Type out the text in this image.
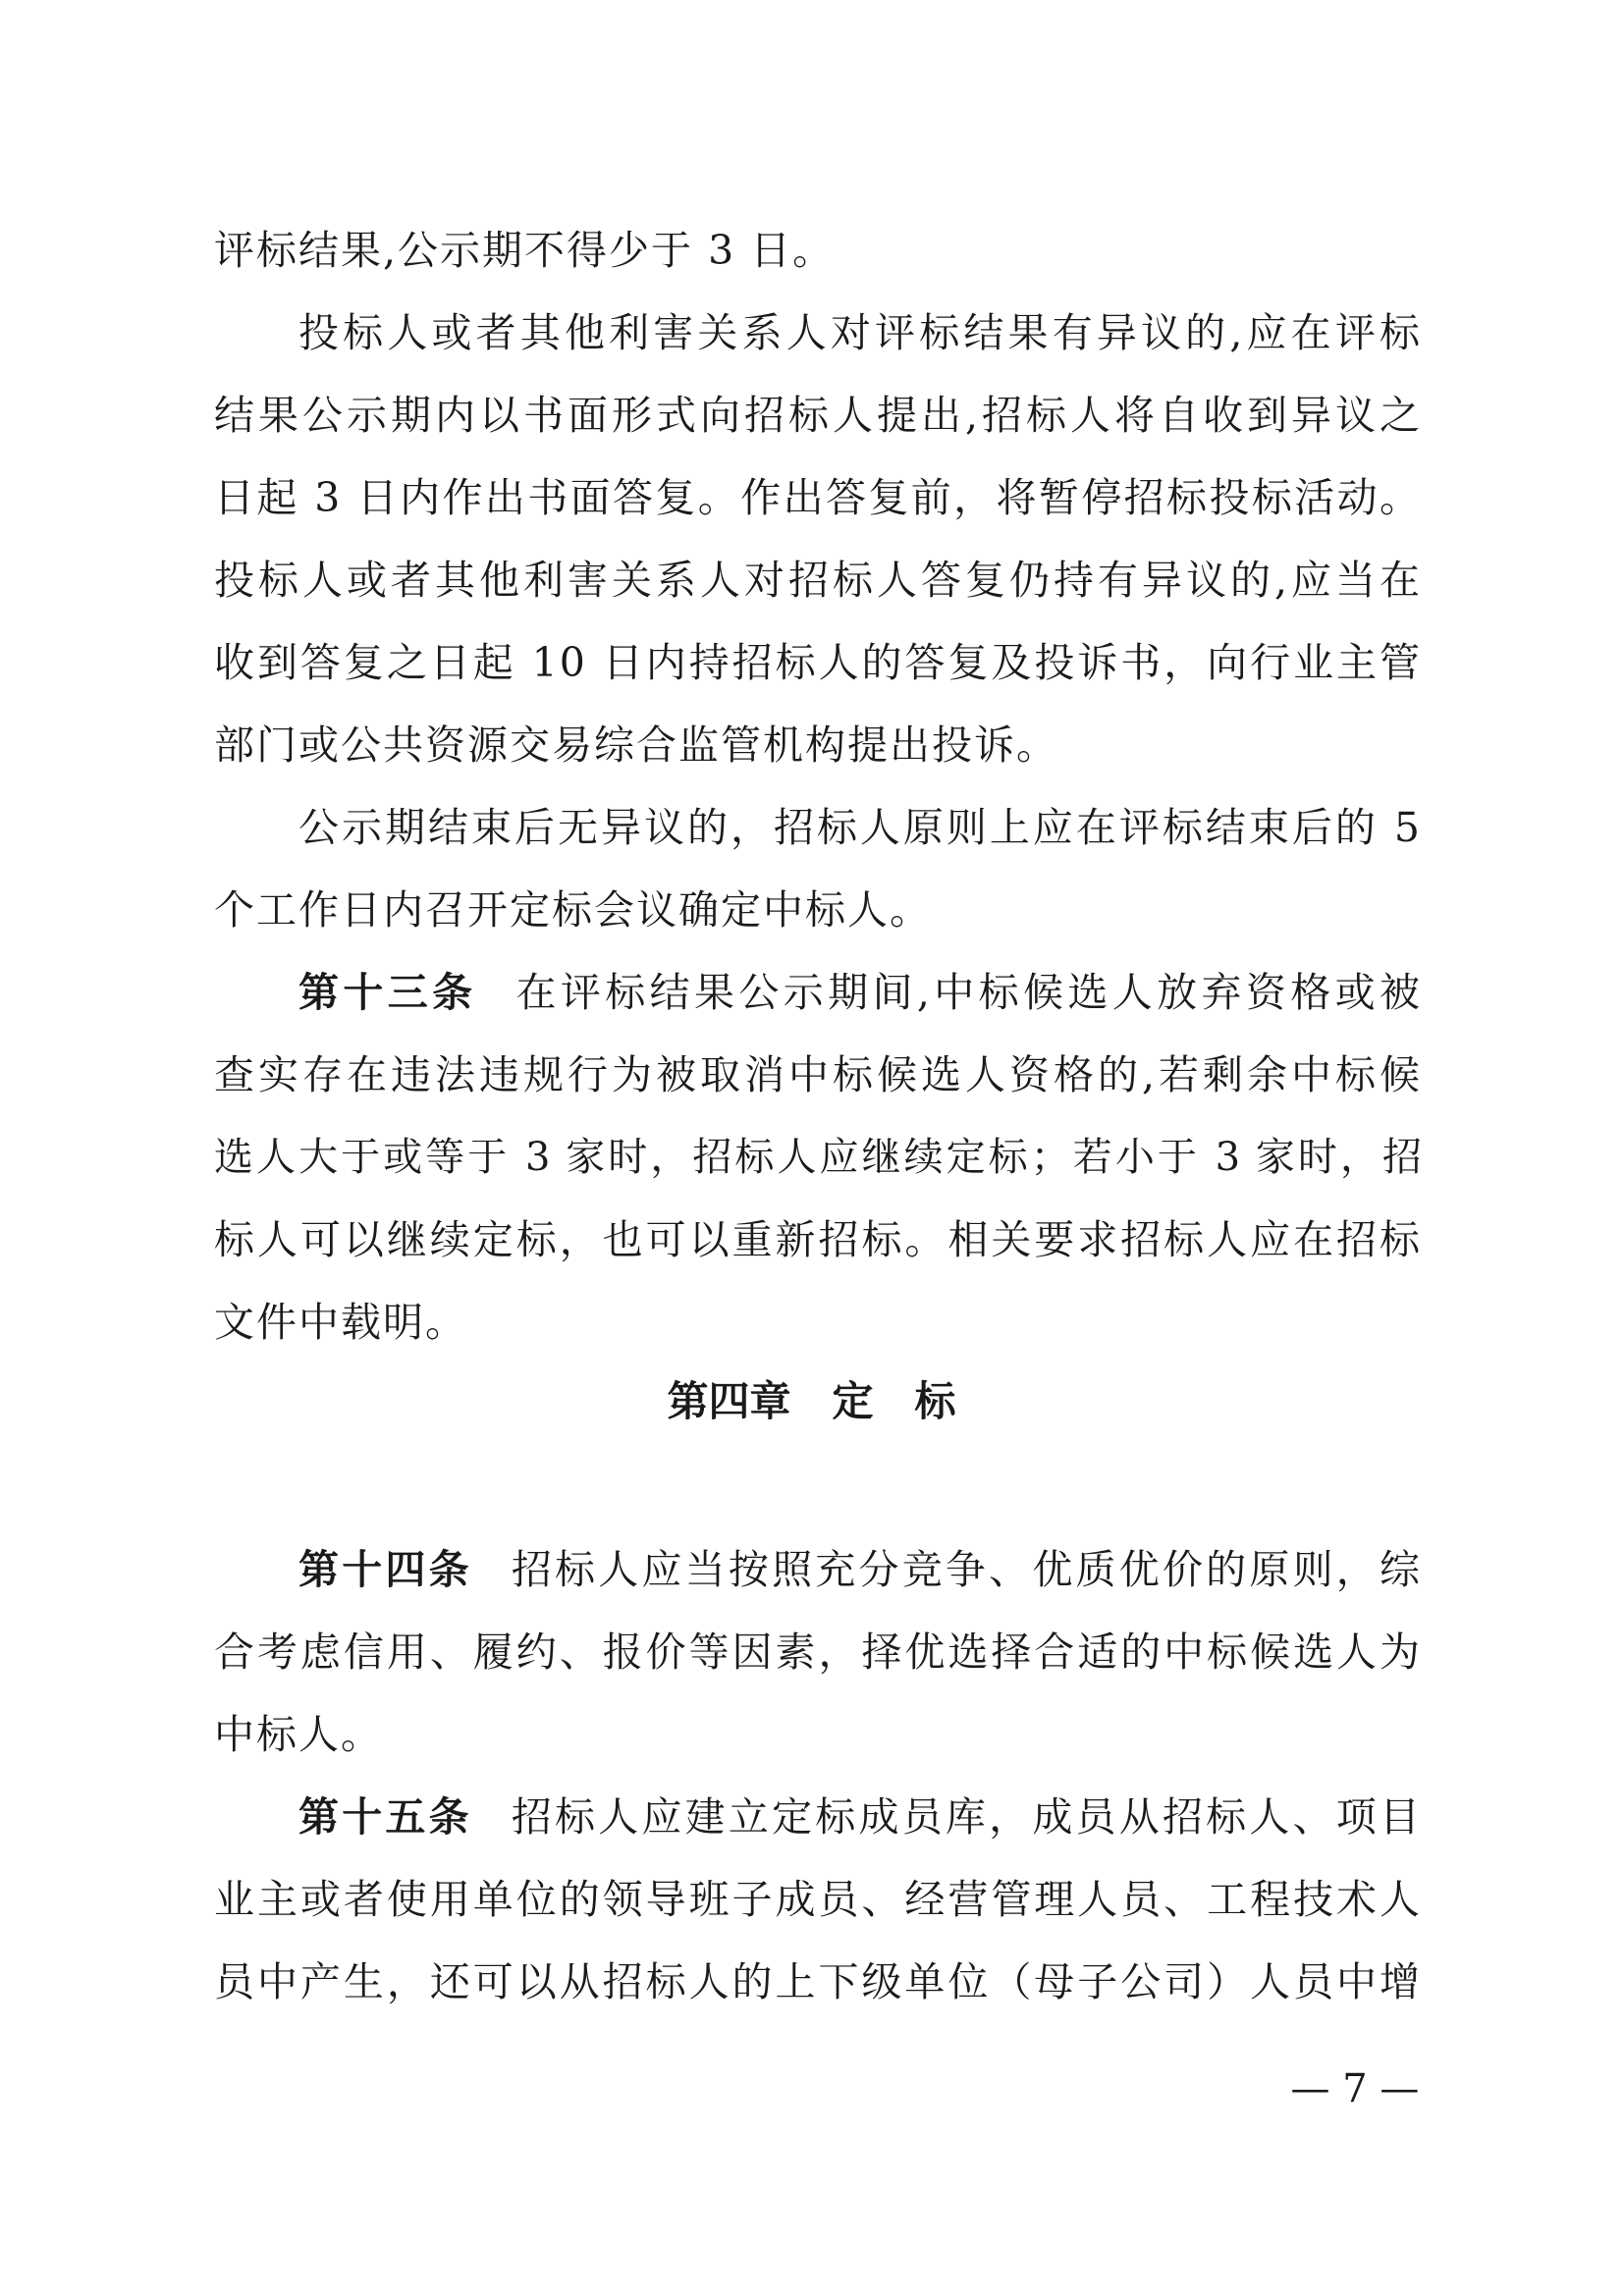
评标结果,公示期不得少于 3 日。
投标人或者其他利害关系人对评标结果有异议的,应在评标
结果公示期内以书面形式向招标人提出,招标人将自收到异议之
日起 3 日内作出书面答复。作出答复前，将暂停招标投标活动。
投标人或者其他利害关系人对招标人答复仍持有异议的,应当在
收到答复之日起 10 日内持招标人的答复及投诉书，向行业主管
部门或公共资源交易综合监管机构提出投诉。
公示期结束后无异议的，招标人原则上应在评标结束后的 5
个工作日内召开定标会议确定中标人。
第十三条 在评标结果公示期间,中标候选人放弃资格或被
查实存在违法违规行为被取消中标候选人资格的,若剩余中标候
选人大于或等于 3 家时，招标人应继续定标；若小于 3 家时，招
标人可以继续定标，也可以重新招标。相关要求招标人应在招标
文件中载明。
第四章　定　标
第十四条 招标人应当按照充分竞争、优质优价的原则，综
合考虑信用、履约、报价等因素，择优选择合适的中标候选人为
中标人。
第十五条 招标人应建立定标成员库，成员从招标人、项目
业主或者使用单位的领导班子成员、经营管理人员、工程技术人
员中产生，还可以从招标人的上下级单位（母子公司）人员中增
— 7 —
